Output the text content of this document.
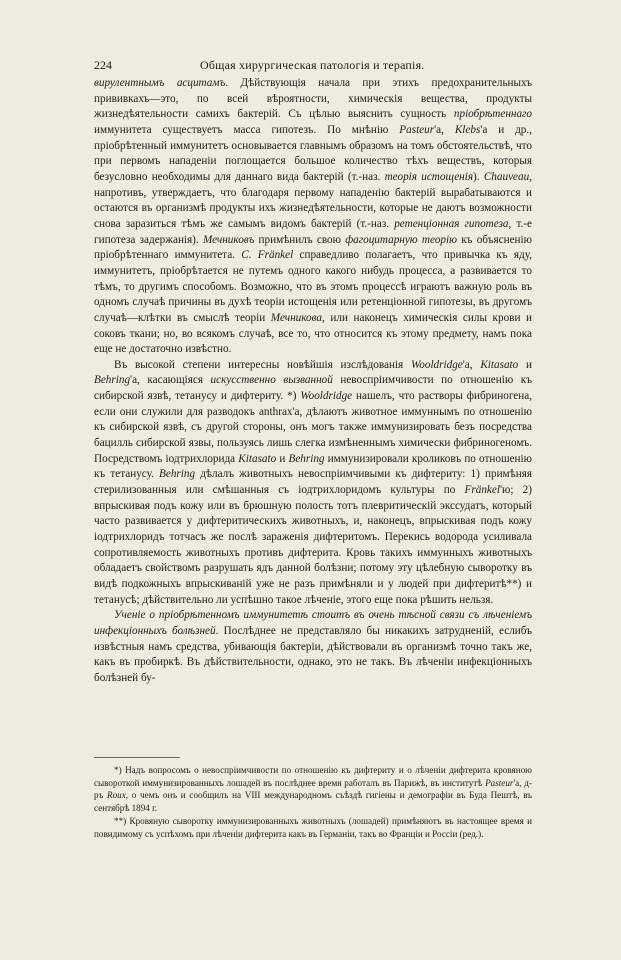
224	Общая хирургическая патологія и терапія.

вирулентнымъ асцитамъ. Дѣйствующія начала при этихъ предохранительныхъ прививкахъ—это, по всей вѣроятности, химическія вещества, продукты жизнедѣятельности самихъ бактерій. Съ цѣлью выяснить сущность пріобрѣтеннаго иммунитета существуетъ масса гипотезъ. По мнѣнію Pasteur'a, Klebs'a и др., пріобрѣтенный иммунитетъ основывается главнымъ образомъ на томъ обстоятельствѣ, что при первомъ нападеніи поглощается большое количество тѣхъ веществъ, которыя безусловно необходимы для даннаго вида бактерій (т.-наз. теорія истощенія). Chauveau, напротивъ, утверждаетъ, что благодаря первому нападенію бактерій вырабатываются и остаются въ организмѣ продукты ихъ жизнедѣятельности, которые не даютъ возможности снова заразиться тѣмъ же самымъ видомъ бактерій (т.-наз. ретенціонная гипотеза, т.-е гипотеза задержанія). Мечниковъ примѣнилъ свою фагоцитарную теорію къ объясненію пріобрѣтеннаго иммунитета. C. Fränkel справедливо полагаетъ, что привычка къ яду, иммунитетъ, пріобрѣтается не путемъ одного какого нибудь процесса, а развивается то тѣмъ, то другимъ способомъ. Возможно, что въ этомъ процессѣ играютъ важную роль въ одномъ случаѣ причины въ духѣ теоріи истощенія или ретенціонной гипотезы, въ другомъ случаѣ—клѣтки въ смыслѣ теоріи Мечникова, или наконецъ химическія силы крови и соковъ ткани; но, во всякомъ случаѣ, все то, что относится къ этому предмету, намъ пока еще не достаточно извѣстно.

Въ высокой степени интересны новѣйшія изслѣдованія Wooldridge'a, Kitasato и Behring'a, касающіяся искусственно вызванной невоспріимчивости по отношенію къ сибирской язвѣ, тетанусу и дифтериту. *) Wooldridge нашелъ, что растворы фибриногена, если они служили для разводокъ anthrax'a, дѣлаютъ животное иммуннымъ по отношенію къ сибирской язвѣ, съ другой стороны, онъ могъ также иммунизировать безъ посредства бацилль сибирской язвы, пользуясь лишь слегка измѣненнымъ химически фибриногеномъ. Посредствомъ іодтрихлорида Kitasato и Behring иммунизировали кроликовъ по отношенію къ тетанусу. Behring дѣлалъ животныхъ невоспріимчивыми къ дифтериту: 1) примѣняя стерилизованныя или смѣшанныя съ іодтрихлоридомъ культуры по Fränkel'ю; 2) впрыскивая подъ кожу или въ брюшную полость тотъ плевритическій экссудатъ, который часто развивается у дифтеритическихъ животныхъ, и, наконецъ, впрыскивая подъ кожу іодтрихлоридъ тотчасъ же послѣ зараженія дифтеритомъ. Перекись водорода усиливала сопротивляемость животныхъ противъ дифтерита. Кровь такихъ иммунныхъ животныхъ обладаетъ свойствомъ разрушать ядъ данной болѣзни; потому эту цѣлебную сыворотку въ видѣ подкожныхъ впрыскиваній уже не разъ примѣняли и у людей при дифтеритѣ**) и тетанусѣ; дѣйствительно ли успѣшно такое лѣченіе, этого еще пока рѣшить нельзя.

Ученіе о пріобрѣтенномъ иммунитетѣ стоитъ въ очень тѣсной связи съ лѣченіемъ инфекціонныхъ болѣзней. Послѣднее не представляло бы никакихъ затрудненій, еслибъ извѣстныя намъ средства, убивающія бактеріи, дѣйствовали въ организмѣ точно такъ же, какъ въ пробиркѣ. Въ дѣйствительности, однако, это не такъ. Въ лѣченіи инфекціонныхъ болѣзней бу-

*) Надъ вопросомъ о невоспріимчивости по отношенію къ дифтериту и о лѣченіи дифтерита кровяною сывороткой иммунизированныхъ лошадей въ послѣднее время работалъ въ Парижѣ, въ институтѣ Pasteur'a, д-ръ Roux, о чемъ онъ и сообщилъ на VIII международномъ съѣздѣ гигіены и демографіи въ Буда Пештѣ, въ сентябрѣ 1894 г.

**) Кровяную сыворотку иммунизированныхъ животныхъ (лошадей) примѣняютъ въ настоящее время и повидимому съ успѣхомъ при лѣченіи дифтерита какъ въ Германіи, такъ во Франціи и Россіи (ред.).
